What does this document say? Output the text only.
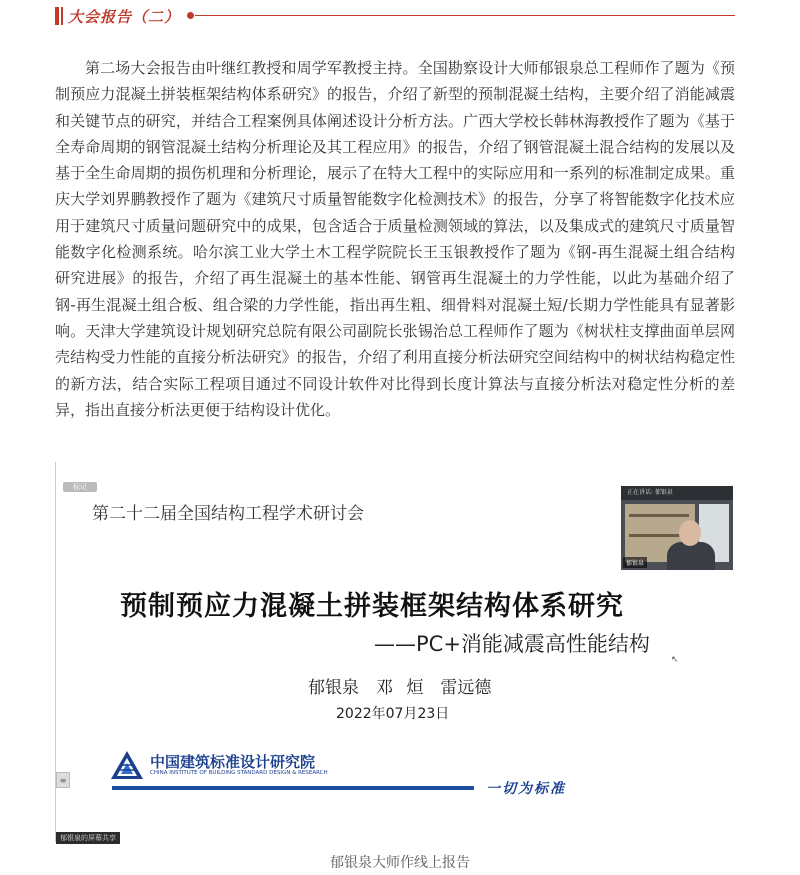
大会报告（二）

第二场大会报告由叶继红教授和周学军教授主持。全国勘察设计大师郁银泉总工程师作了题为《预制预应力混凝土拼装框架结构体系研究》的报告，介绍了新型的预制混凝土结构，主要介绍了消能减震和关键节点的研究，并结合工程案例具体阐述设计分析方法。广西大学校长韩林海教授作了题为《基于全寿命周期的钢管混凝土结构分析理论及其工程应用》的报告，介绍了钢管混凝土混合结构的发展以及基于全生命周期的损伤机理和分析理论，展示了在特大工程中的实际应用和一系列的标准制定成果。重庆大学刘界鹏教授作了题为《建筑尺寸质量智能数字化检测技术》的报告，分享了将智能数字化技术应用于建筑尺寸质量问题研究中的成果，包含适合于质量检测领域的算法，以及集成式的建筑尺寸质量智能数字化检测系统。哈尔滨工业大学土木工程学院院长王玉银教授作了题为《钢-再生混凝土组合结构研究进展》的报告，介绍了再生混凝土的基本性能、钢管再生混凝土的力学性能，以此为基础介绍了钢-再生混凝土组合板、组合梁的力学性能，指出再生粗、细骨料对混凝土短/长期力学性能具有显著影响。天津大学建筑设计规划研究总院有限公司副院长张锡治总工程师作了题为《树状柱支撑曲面单层网壳结构受力性能的直接分析法研究》的报告，介绍了利用直接分析法研究空间结构中的树状结构稳定性的新方法，结合实际工程项目通过不同设计软件对比得到长度计算法与直接分析法对稳定性分析的差异，指出直接分析法更便于结构设计优化。

标记
第二十二届全国结构工程学术研讨会
正在讲话: 郁银泉
郁银泉
预制预应力混凝土拼装框架结构体系研究
——PC+消能减震高性能结构
郁银泉　邓 烜　雷远德
2022年07月23日
↖
中国建筑标准设计研究院
CHINA INSTITUTE OF BUILDING STANDARD DESIGN & RESEARCH
一切为标准
≡
郁银泉的屏幕共享
郁银泉大师作线上报告
